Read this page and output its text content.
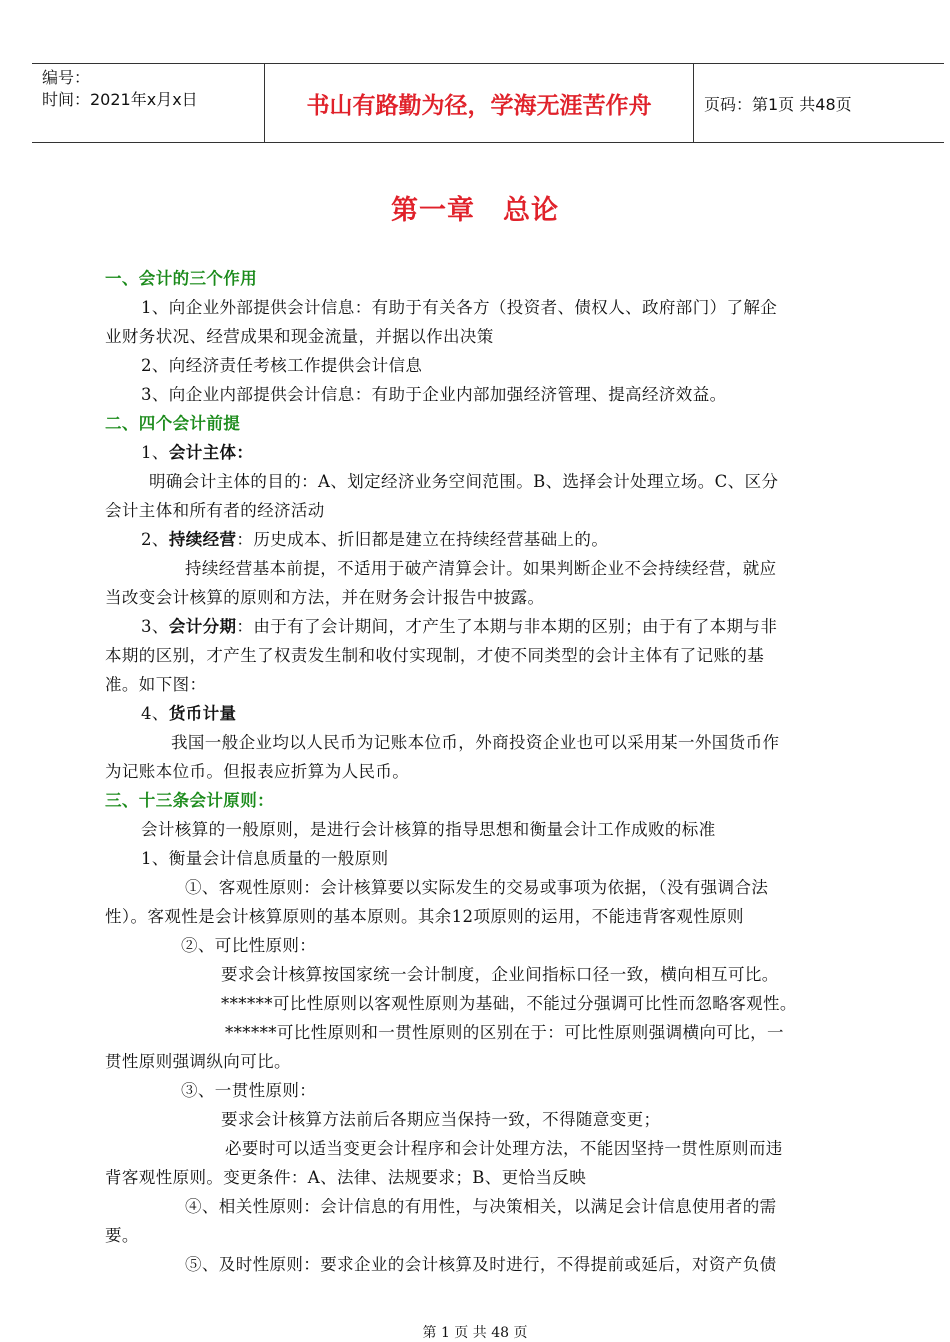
编号：
时间：2021年x月x日	书山有路勤为径，学海无涯苦作舟	页码：第1页 共48页
第一章　总论

一、会计的三个作用

1、向企业外部提供会计信息：有助于有关各方（投资者、债权人、政府部门）了解企

业财务状况、经营成果和现金流量，并据以作出决策

2、向经济责任考核工作提供会计信息

3、向企业内部提供会计信息：有助于企业内部加强经济管理、提高经济效益。

二、四个会计前提

1、会计主体：

明确会计主体的目的：A、划定经济业务空间范围。B、选择会计处理立场。C、区分

会计主体和所有者的经济活动

2、持续经营：历史成本、折旧都是建立在持续经营基础上的。

持续经营基本前提，不适用于破产清算会计。如果判断企业不会持续经营，就应

当改变会计核算的原则和方法，并在财务会计报告中披露。

3、会计分期：由于有了会计期间，才产生了本期与非本期的区别；由于有了本期与非

本期的区别，才产生了权责发生制和收付实现制，才使不同类型的会计主体有了记账的基

准。如下图：

4、货币计量

我国一般企业均以人民币为记账本位币，外商投资企业也可以采用某一外国货币作

为记账本位币。但报表应折算为人民币。

三、十三条会计原则：

会计核算的一般原则，是进行会计核算的指导思想和衡量会计工作成败的标准

1、衡量会计信息质量的一般原则

①、客观性原则：会计核算要以实际发生的交易或事项为依据，（没有强调合法

性）。客观性是会计核算原则的基本原则。其余12项原则的运用，不能违背客观性原则

②、可比性原则：

要求会计核算按国家统一会计制度，企业间指标口径一致，横向相互可比。

******可比性原则以客观性原则为基础，不能过分强调可比性而忽略客观性。

******可比性原则和一贯性原则的区别在于：可比性原则强调横向可比，一

贯性原则强调纵向可比。

③、一贯性原则：

要求会计核算方法前后各期应当保持一致，不得随意变更；

必要时可以适当变更会计程序和会计处理方法，不能因坚持一贯性原则而违

背客观性原则。变更条件：A、法律、法规要求；B、更恰当反映

④、相关性原则：会计信息的有用性，与决策相关，以满足会计信息使用者的需

要。

⑤、及时性原则：要求企业的会计核算及时进行，不得提前或延后，对资产负债

第 1 页 共 48 页
